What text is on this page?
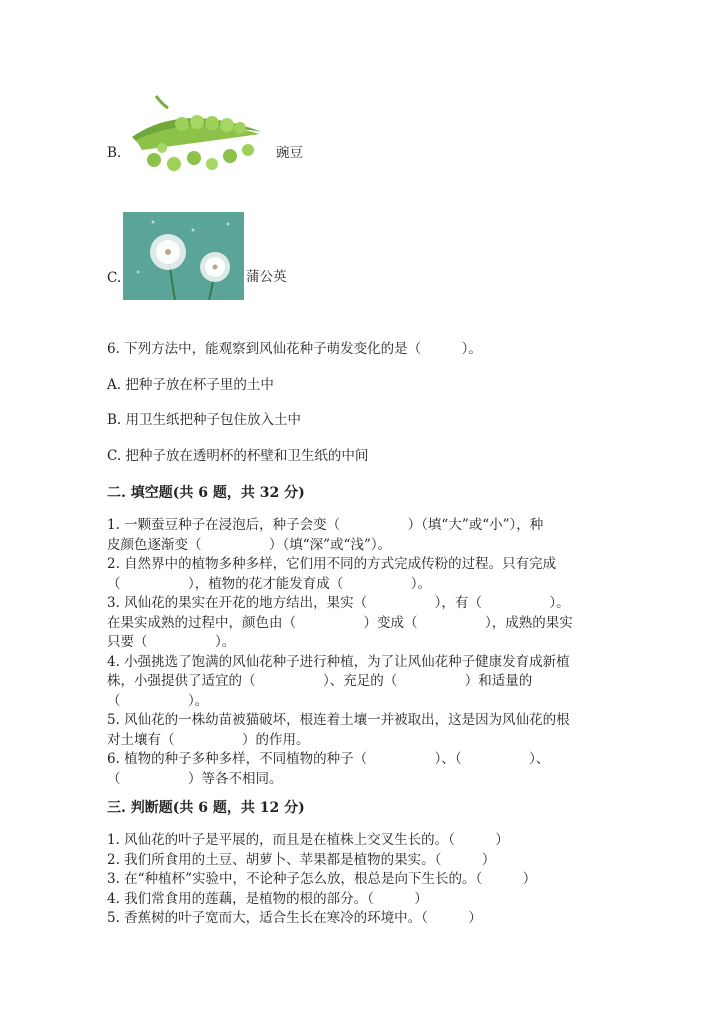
B.	豌豆
C.	蒲公英
6. 下列方法中，能观察到风仙花种子萌发变化的是（　　　）。
A. 把种子放在杯子里的土中
B. 用卫生纸把种子包住放入土中
C. 把种子放在透明杯的杯壁和卫生纸的中间
二. 填空题(共 6 题，共 32 分)
1. 一颗蚕豆种子在浸泡后，种子会变（　　　　　）（填“大”或“小”），种
皮颜色逐渐变（　　　　　）（填“深”或“浅”）。
2. 自然界中的植物多种多样，它们用不同的方式完成传粉的过程。只有完成
（　　　　　），植物的花才能发育成（　　　　　）。
3. 风仙花的果实在开花的地方结出，果实（　　　　　），有（　　　　　）。
在果实成熟的过程中，颜色由（　　　　　）变成（　　　　　），成熟的果实
只要（　　　　　）。
4. 小强挑选了饱满的风仙花种子进行种植，为了让风仙花种子健康发育成新植
株，小强提供了适宜的（　　　　　）、充足的（　　　　　）和适量的
（　　　　　）。
5. 风仙花的一株幼苗被猫破坏，根连着土壤一并被取出，这是因为风仙花的根
对土壤有（　　　　　）的作用。
6. 植物的种子多种多样，不同植物的种子（　　　　　）、（　　　　　）、
（　　　　　）等各不相同。
三. 判断题(共 6 题，共 12 分)
1. 风仙花的叶子是平展的，而且是在植株上交叉生长的。（　　　）
2. 我们所食用的土豆、胡萝卜、苹果都是植物的果实。（　　　）
3. 在“种植杯”实验中，不论种子怎么放，根总是向下生长的。（　　　）
4. 我们常食用的莲藕，是植物的根的部分。（　　　）
5. 香蕉树的叶子宽而大，适合生长在寒冷的环境中。（　　　）
